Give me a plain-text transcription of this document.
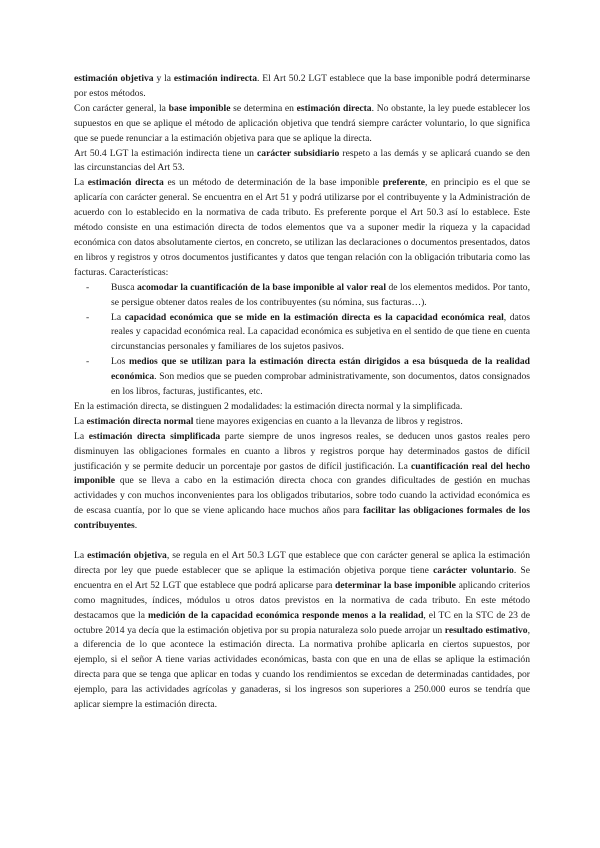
estimación objetiva y la estimación indirecta. El Art 50.2 LGT establece que la base imponible podrá determinarse por estos métodos.

Con carácter general, la base imponible se determina en estimación directa. No obstante, la ley puede establecer los supuestos en que se aplique el método de aplicación objetiva que tendrá siempre carácter voluntario, lo que significa que se puede renunciar a la estimación objetiva para que se aplique la directa.

Art 50.4 LGT la estimación indirecta tiene un carácter subsidiario respeto a las demás y se aplicará cuando se den las circunstancias del Art 53.

La estimación directa es un método de determinación de la base imponible preferente, en principio es el que se aplicaría con carácter general. Se encuentra en el Art 51 y podrá utilizarse por el contribuyente y la Administración de acuerdo con lo establecido en la normativa de cada tributo. Es preferente porque el Art 50.3 así lo establece. Este método consiste en una estimación directa de todos elementos que va a suponer medir la riqueza y la capacidad económica con datos absolutamente ciertos, en concreto, se utilizan las declaraciones o documentos presentados, datos en libros y registros y otros documentos justificantes y datos que tengan relación con la obligación tributaria como las facturas. Características:

- Busca acomodar la cuantificación de la base imponible al valor real de los elementos medidos. Por tanto, se persigue obtener datos reales de los contribuyentes (su nómina, sus facturas…).
- La capacidad económica que se mide en la estimación directa es la capacidad económica real, datos reales y capacidad económica real. La capacidad económica es subjetiva en el sentido de que tiene en cuenta circunstancias personales y familiares de los sujetos pasivos.
- Los medios que se utilizan para la estimación directa están dirigidos a esa búsqueda de la realidad económica. Son medios que se pueden comprobar administrativamente, son documentos, datos consignados en los libros, facturas, justificantes, etc.

En la estimación directa, se distinguen 2 modalidades: la estimación directa normal y la simplificada.

La estimación directa normal tiene mayores exigencias en cuanto a la llevanza de libros y registros.

La estimación directa simplificada parte siempre de unos ingresos reales, se deducen unos gastos reales pero disminuyen las obligaciones formales en cuanto a libros y registros porque hay determinados gastos de difícil justificación y se permite deducir un porcentaje por gastos de difícil justificación. La cuantificación real del hecho imponible que se lleva a cabo en la estimación directa choca con grandes dificultades de gestión en muchas actividades y con muchos inconvenientes para los obligados tributarios, sobre todo cuando la actividad económica es de escasa cuantía, por lo que se viene aplicando hace muchos años para facilitar las obligaciones formales de los contribuyentes.

La estimación objetiva, se regula en el Art 50.3 LGT que establece que con carácter general se aplica la estimación directa por ley que puede establecer que se aplique la estimación objetiva porque tiene carácter voluntario. Se encuentra en el Art 52 LGT que establece que podrá aplicarse para determinar la base imponible aplicando criterios como magnitudes, índices, módulos u otros datos previstos en la normativa de cada tributo. En este método destacamos que la medición de la capacidad económica responde menos a la realidad, el TC en la STC de 23 de octubre 2014 ya decía que la estimación objetiva por su propia naturaleza solo puede arrojar un resultado estimativo, a diferencia de lo que acontece la estimación directa. La normativa prohíbe aplicarla en ciertos supuestos, por ejemplo, si el señor A tiene varias actividades económicas, basta con que en una de ellas se aplique la estimación directa para que se tenga que aplicar en todas y cuando los rendimientos se excedan de determinadas cantidades, por ejemplo, para las actividades agrícolas y ganaderas, si los ingresos son superiores a 250.000 euros se tendría que aplicar siempre la estimación directa.
